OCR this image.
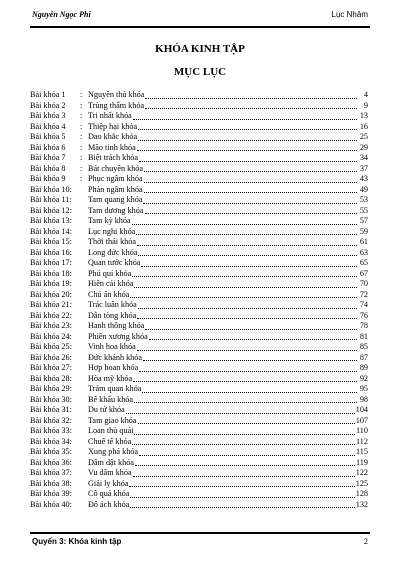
Nguyễn Ngọc Phi	Lục Nhâm
KHÓA KINH TẬP
MỤC LỤC
Bài khóa 1	: Nguyên thủ khóa	4
Bài khóa 2	: Trùng thẩm khóa	9
Bài khóa 3	: Tri nhất khóa	13
Bài khóa 4	: Thiệp hại khóa	16
Bài khóa 5	: Dao khắc khóa	25
Bài khóa 6	: Mão tinh khóa	29
Bài khóa 7	: Biệt trách khóa	34
Bài khóa 8	: Bát chuyên khóa	37
Bài khóa 9	: Phục ngâm khóa	43
Bài khóa 10:	Phản ngâm khóa	49
Bài khóa 11:	Tam quang khóa	53
Bài khóa 12:	Tam dương khóa	55
Bài khóa 13:	Tam kỳ khóa	57
Bài khóa 14:	Lục nghi khóa	59
Bài khóa 15:	Thời thái khóa	61
Bài khóa 16:	Long đức khóa	63
Bài khóa 17:	Quan tước khóa	65
Bài khóa 18:	Phú quí khóa	67
Bài khóa 19:	Hiên cái khóa	70
Bài khóa 20:	Chú ấn khóa	72
Bài khóa 21:	Trác luân khóa	74
Bài khóa 22:	Dẫn tòng khóa	76
Bài khóa 23:	Hanh thông khóa	78
Bài khóa 24:	Phiền xương khóa	81
Bài khóa 25:	Vinh hoa khóa	85
Bài khóa 26:	Đức khánh khóa	87
Bài khóa 27:	Hợp hoan khóa	89
Bài khóa 28:	Hòa mỹ khóa	92
Bài khóa 29:	Trảm quan khóa	95
Bài khóa 30:	Bế khẩu khóa	98
Bài khóa 31:	Du tử khóa	104
Bài khóa 32:	Tam giao khóa	107
Bài khóa 33:	Loan thủ quải	110
Bài khóa 34:	Chuế tế khóa	112
Bài khóa 35:	Xung phá khóa	115
Bài khóa 36:	Dâm dật khóa	119
Bài khóa 37:	Vu dâm khóa	122
Bài khóa 38:	Giải ly khóa	125
Bài khóa 39:	Cô quả khóa	128
Bài khóa 40:	Đô ách khóa	132
Quyển 3: Khóa kinh tập	2
